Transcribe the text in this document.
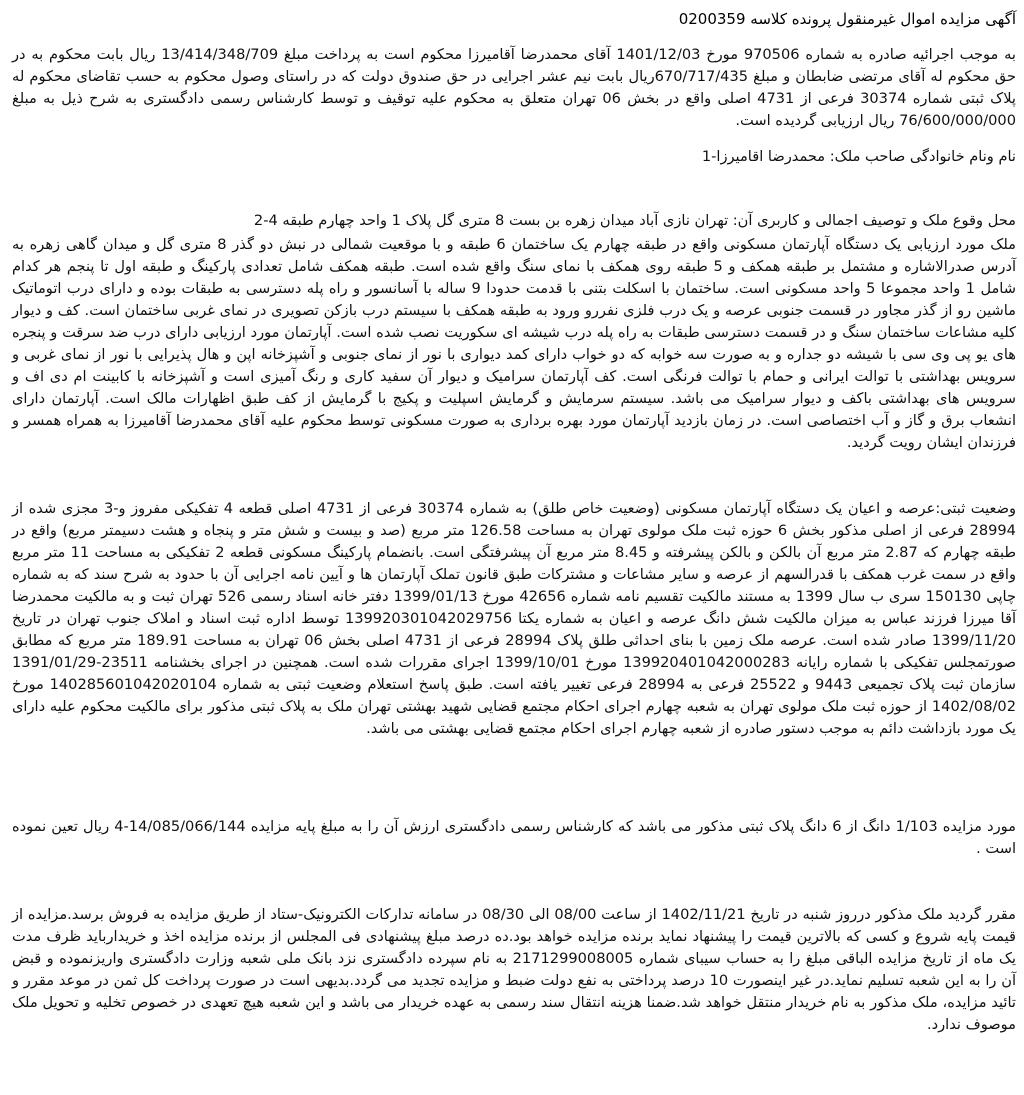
آگهی مزایده اموال غیرمنقول پرونده کلاسه 0200359

به موجب اجرائیه صادره به شماره 970506 مورخ 1401/12/03 آقای محمدرضا آقامیرزا محکوم است به پرداخت مبلغ 13/414/348/709 ریال بابت محکوم به در حق محکوم له آقای مرتضی ضابطان و مبلغ 670/717/435ریال بابت نیم عشر اجرایی در حق صندوق دولت که در راستای وصول محکوم به حسب تقاضای محکوم له پلاک ثبتی شماره 30374 فرعی از 4731 اصلی واقع در بخش 06 تهران متعلق به محکوم علیه توقیف و توسط کارشناس رسمی دادگستری به شرح ذیل به مبلغ 76/600/000/000 ریال ارزیابی گردیده است.

نام ونام خانوادگی صاحب ملک: محمدرضا اقامیرزا-1

محل وقوع ملک و توصیف اجمالی و کاربری آن: تهران نازی آباد میدان زهره بن بست 8 متری گل پلاک 1 واحد چهارم طبقه 4-2

ملک مورد ارزیابی یک دستگاه آپارتمان مسکونی واقع در طبقه چهارم یک ساختمان 6 طبقه و با موقعیت شمالی در نبش دو گذر 8 متری گل و میدان گاهی زهره به آدرس صدرالاشاره و مشتمل بر طبقه همکف و 5 طبقه روی همکف با نمای سنگ واقع شده است. طبقه همکف شامل تعدادی پارکینگ و طبقه اول تا پنجم هر کدام شامل 1 واحد مجموعا 5 واحد مسکونی است. ساختمان با اسکلت بتنی با قدمت حدودا 9 ساله با آسانسور و راه پله دسترسی به طبقات بوده و دارای درب اتوماتیک ماشین رو از گذر مجاور در قسمت جنوبی عرصه و یک درب فلزی نفررو ورود به طبقه همکف با سیستم درب بازکن تصویری در نمای غربی ساختمان است. کف و دیوار کلیه مشاعات ساختمان سنگ و در قسمت دسترسی طبقات به راه پله درب شیشه ای سکوریت نصب شده است. آپارتمان مورد ارزیابی دارای درب ضد سرقت و پنجره های یو پی وی سی با شیشه دو جداره و به صورت سه خوابه که دو خواب دارای کمد دیواری با نور از نمای جنوبی و آشپزخانه اپن و هال پذیرایی با نور از نمای غربی و سرویس بهداشتی با توالت ایرانی و حمام با توالت فرنگی است. کف آپارتمان سرامیک و دیوار آن سفید کاری و رنگ آمیزی است و آشپزخانه با کابینت ام دی اف و سرویس های بهداشتی باکف و دیوار سرامیک می باشد. سیستم سرمایش و گرمایش اسپلیت و پکیج با گرمایش از کف طبق اظهارات مالک است. آپارتمان دارای انشعاب برق و گاز و آب اختصاصی است. در زمان بازدید آپارتمان مورد بهره برداری به صورت مسکونی توسط محکوم علیه آقای محمدرضا آقامیرزا به همراه همسر و فرزندان ایشان رویت گردید.

وضعیت ثبتی:عرصه و اعیان یک دستگاه آپارتمان مسکونی (وضعیت خاص طلق) به شماره 30374 فرعی از 4731 اصلی قطعه 4 تفکیکی مفروز و-3 مجزی شده از 28994 فرعی از اصلی مذکور بخش 6 حوزه ثبت ملک مولوی تهران به مساحت 126.58 متر مربع (صد و بیست و شش متر و پنجاه و هشت دسیمتر مربع) واقع در طبقه چهارم که 2.87 متر مربع آن بالکن و بالکن پیشرفته و 8.45 متر مربع آن پیشرفتگی است. بانضمام پارکینگ مسکونی قطعه 2 تفکیکی به مساحت 11 متر مربع واقع در سمت غرب همکف با قدرالسهم از عرصه و سایر مشاعات و مشترکات طبق قانون تملک آپارتمان ها و آیین نامه اجرایی آن با حدود به شرح سند که به شماره چاپی 150130 سری ب سال 1399 به مستند مالکیت تقسیم نامه شماره 42656 مورخ 1399/01/13 دفتر خانه اسناد رسمی 526 تهران ثبت و به مالکیت محمدرضا آقا میرزا فرزند عباس به میزان مالکیت شش دانگ عرصه و اعیان به شماره یکتا 139920301042029756 توسط اداره ثبت اسناد و املاک جنوب تهران در تاریخ 1399/11/20 صادر شده است. عرصه ملک زمین با بنای احداثی طلق پلاک 28994 فرعی از 4731 اصلی بخش 06 تهران به مساحت 189.91 متر مربع که مطابق صورتمجلس تفکیکی با شماره رایانه 139920401042000283 مورخ 1399/10/01 اجرای مقررات شده است. همچنین در اجرای بخشنامه 23511-1391/01/29 سازمان ثبت پلاک تجمیعی 9443 و 25522 فرعی به 28994 فرعی تغییر یافته است. طبق پاسخ استعلام وضعیت ثبتی به شماره 140285601042020104 مورخ 1402/08/02 از حوزه ثبت ملک مولوی تهران به شعبه چهارم اجرای احکام مجتمع قضایی شهید بهشتی تهران ملک به پلاک ثبتی مذکور برای مالکیت محکوم علیه دارای یک مورد بازداشت دائم به موجب دستور صادره از شعبه چهارم اجرای احکام مجتمع قضایی بهشتی می باشد.

مورد مزایده 1/103 دانگ از 6 دانگ پلاک ثبتی مذکور می باشد که کارشناس رسمی دادگستری ارزش آن را به مبلغ پایه مزایده 14/085/066/144-4 ریال تعین نموده است .

مقرر گردید ملک مذکور درروز شنبه در تاریخ 1402/11/21 از ساعت 08/00 الی 08/30 در سامانه تدارکات الکترونیک-ستاد از طریق مزایده به فروش برسد.مزایده از قیمت پایه شروع و کسی که بالاترین قیمت را پیشنهاد نماید برنده مزایده خواهد بود.ده درصد مبلغ پیشنهادی فی المجلس از برنده مزایده اخذ و خریدارباید ظرف مدت یک ماه از تاریخ مزایده الباقی مبلغ را به حساب سیبای شماره 2171299008005 به نام سپرده دادگستری نزد بانک ملی شعبه وزارت دادگستری واریزنموده و قبض آن را به این شعبه تسلیم نماید.در غیر اینصورت 10 درصد پرداختی به نفع دولت ضبط و مزایده تجدید می گردد.بدیهی است در صورت پرداخت کل ثمن در موعد مقرر و تائید مزایده، ملک مذکور به نام خریدار منتقل خواهد شد.ضمنا هزینه انتقال سند رسمی به عهده خریدار می باشد و این شعبه هیچ تعهدی در خصوص تخلیه و تحویل ملک موصوف ندارد.
